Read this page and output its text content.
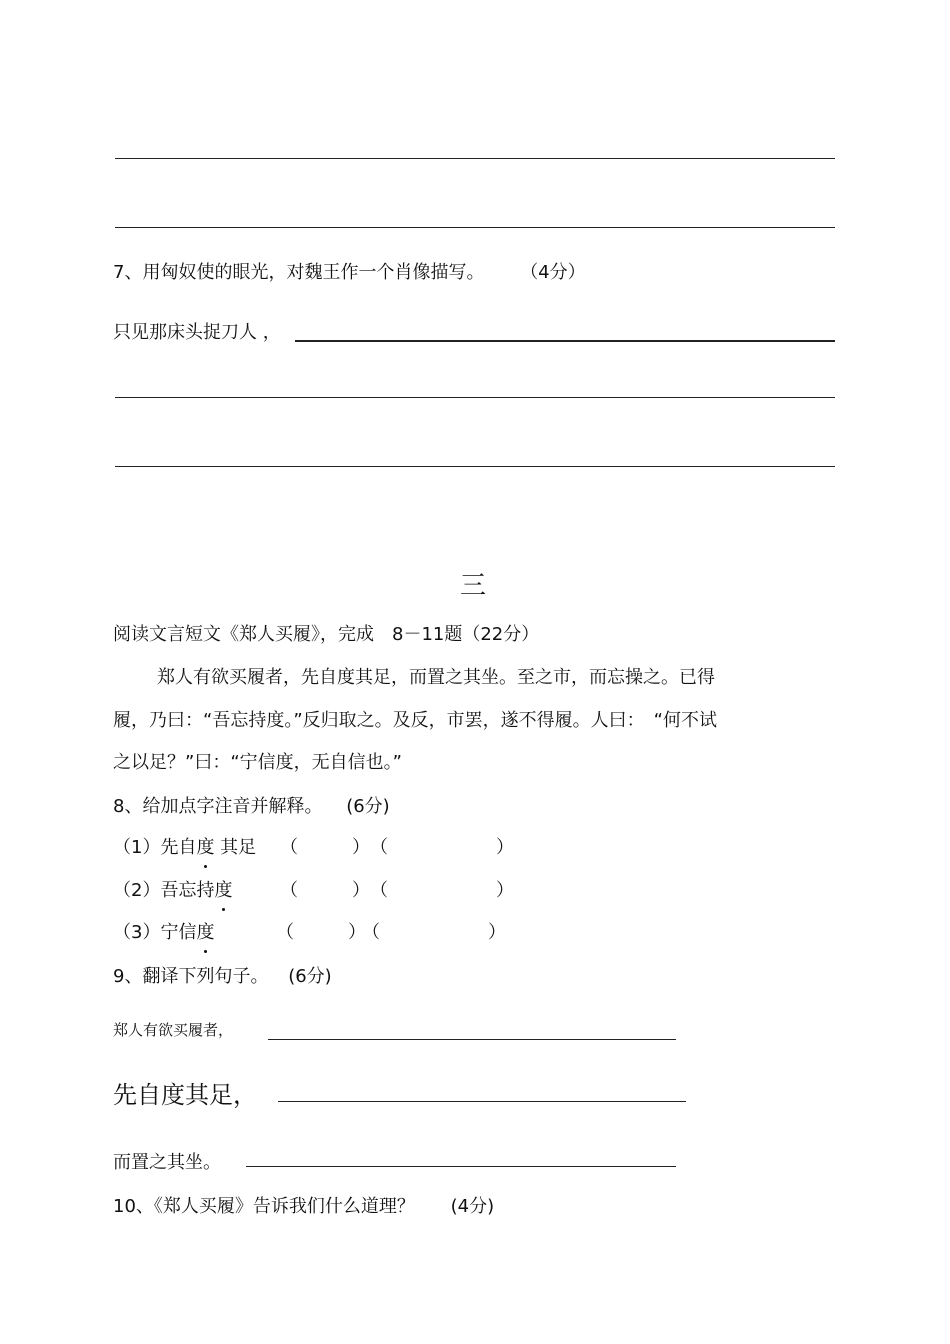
7、用匈奴使的眼光，对魏王作一个肖像描写。 （4分）
只见那床头捉刀人 ，
三
阅读文言短文《郑人买履》，完成　8－11题（22分）
郑人有欲买履者，先自度其足，而置之其坐。至之市，而忘操之。已得
履，乃曰：“吾忘持度。”反归取之。及反，市罢，遂不得履。人曰：　“何不试
之以足？”曰：“宁信度，无自信也。”
8、给加点字注音并解释。 (6分)
（1）先自度 其足 （　　　） （　　　　　　）
（2）吾忘持度	（　　　） （　　　　　　）
（3）宁信度	（　　　）
（　　　　　　）
9、翻译下列句子。 (6分)
郑人有欲买履者，
先自度其足，
而置之其坐。
10、《郑人买履》告诉我们什么道理？ (4分)
